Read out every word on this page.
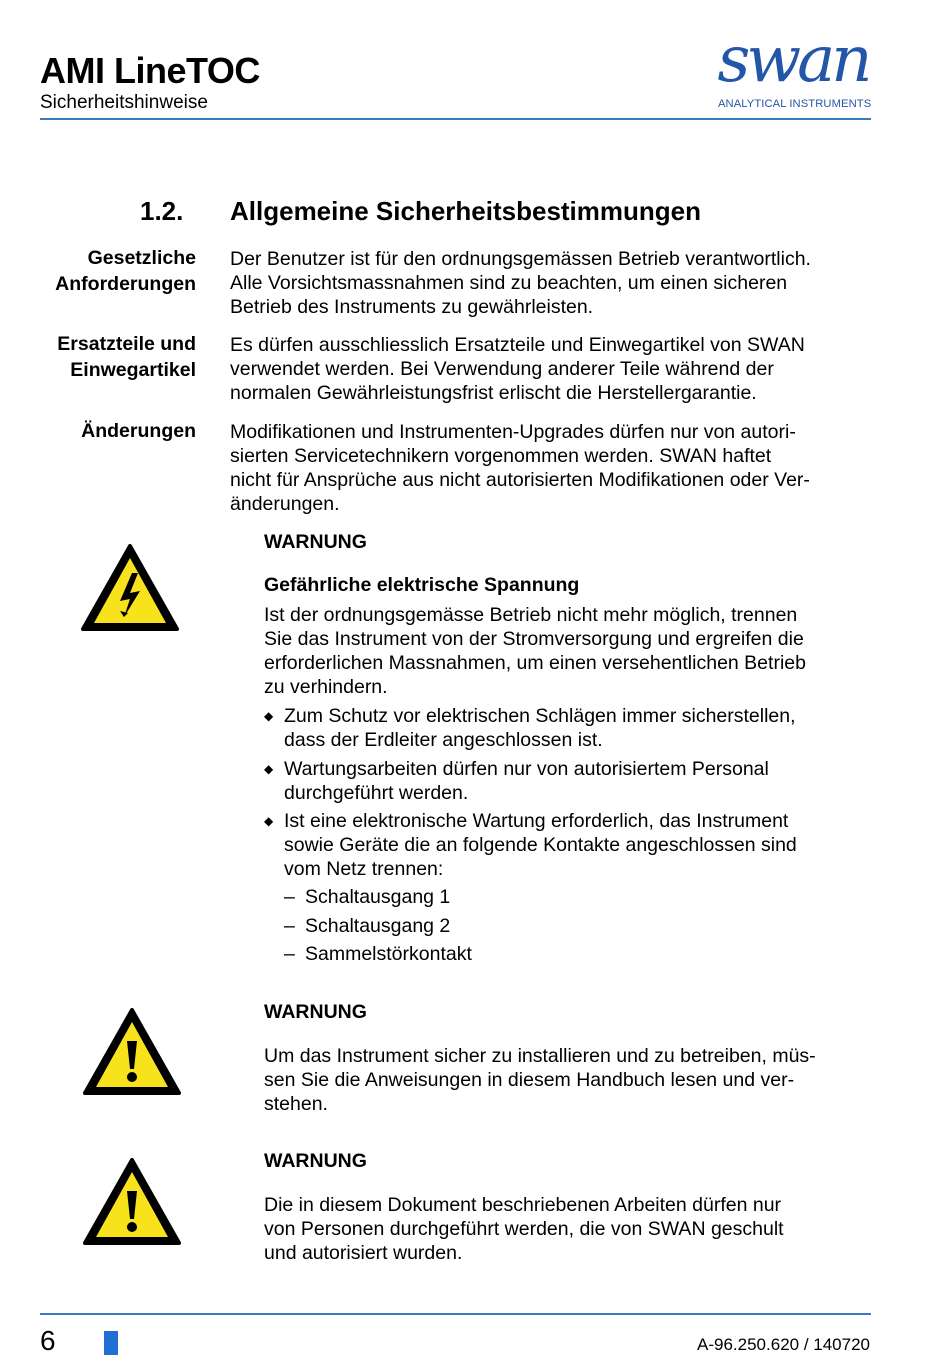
AMI LineTOC
Sicherheitshinweise
swan
ANALYTICAL INSTRUMENTS
1.2. Allgemeine Sicherheitsbestimmungen
Gesetzliche
Anforderungen
Der Benutzer ist für den ordnungsgemässen Betrieb verantwortlich.
Alle Vorsichtsmassnahmen sind zu beachten, um einen sicheren
Betrieb des Instruments zu gewährleisten.
Ersatzteile und
Einwegartikel
Es dürfen ausschliesslich Ersatzteile und Einwegartikel von SWAN
verwendet werden. Bei Verwendung anderer Teile während der
normalen Gewährleistungsfrist erlischt die Herstellergarantie.
Änderungen Modifikationen und Instrumenten-Upgrades dürfen nur von autori-
sierten Servicetechnikern vorgenommen werden. SWAN haftet
nicht für Ansprüche aus nicht autorisierten Modifikationen oder Ver-
änderungen.
WARNUNG
Gefährliche elektrische Spannung
Ist der ordnungsgemässe Betrieb nicht mehr möglich, trennen
Sie das Instrument von der Stromversorgung und ergreifen die
erforderlichen Massnahmen, um einen versehentlichen Betrieb
zu verhindern.
◆ Zum Schutz vor elektrischen Schlägen immer sicherstellen,
dass der Erdleiter angeschlossen ist.
◆ Wartungsarbeiten dürfen nur von autorisiertem Personal
durchgeführt werden.
◆ Ist eine elektronische Wartung erforderlich, das Instrument
sowie Geräte die an folgende Kontakte angeschlossen sind
vom Netz trennen:
– Schaltausgang 1
– Schaltausgang 2
– Sammelstörkontakt
WARNUNG
Um das Instrument sicher zu installieren und zu betreiben, müs-
sen Sie die Anweisungen in diesem Handbuch lesen und ver-
stehen.
WARNUNG
Die in diesem Dokument beschriebenen Arbeiten dürfen nur
von Personen durchgeführt werden, die von SWAN geschult
und autorisiert wurden.
6	A-96.250.620 / 140720
